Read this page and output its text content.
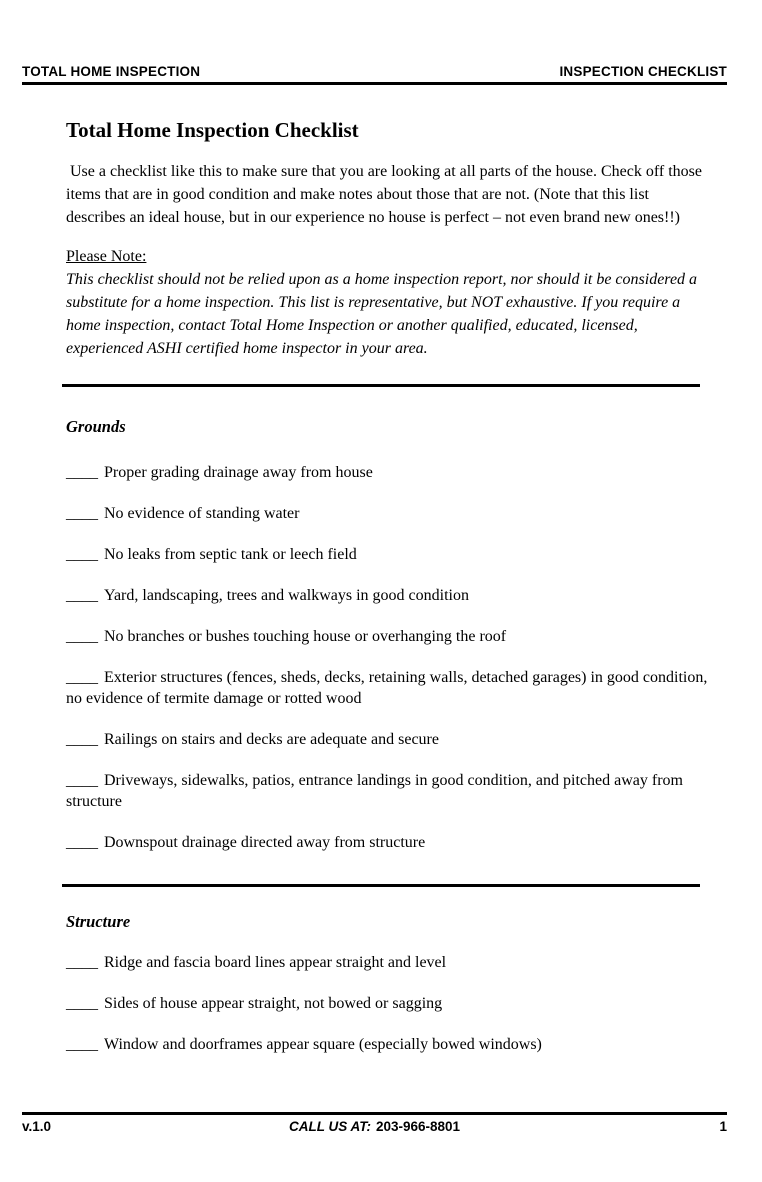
TOTAL HOME INSPECTION	INSPECTION CHECKLIST
Total Home Inspection Checklist

Use a checklist like this to make sure that you are looking at all parts of the house. Check off those items that are in good condition and make notes about those that are not. (Note that this list describes an ideal house, but in our experience no house is perfect – not even brand new ones!!)

Please Note:

This checklist should not be relied upon as a home inspection report, nor should it be considered a substitute for a home inspection. This list is representative, but NOT exhaustive. If you require a home inspection, contact Total Home Inspection or another qualified, educated, licensed, experienced ASHI certified home inspector in your area.

Grounds

____ Proper grading drainage away from house

____ No evidence of standing water

____ No leaks from septic tank or leech field

____ Yard, landscaping, trees and walkways in good condition

____ No branches or bushes touching house or overhanging the roof

____ Exterior structures (fences, sheds, decks, retaining walls, detached garages) in good condition, no evidence of termite damage or rotted wood

____ Railings on stairs and decks are adequate and secure

____ Driveways, sidewalks, patios, entrance landings in good condition, and pitched away from structure

____ Downspout drainage directed away from structure

Structure

____ Ridge and fascia board lines appear straight and level

____ Sides of house appear straight, not bowed or sagging

____ Window and doorframes appear square (especially bowed windows)

v.1.0	CALL US AT: 203-966-8801	1
